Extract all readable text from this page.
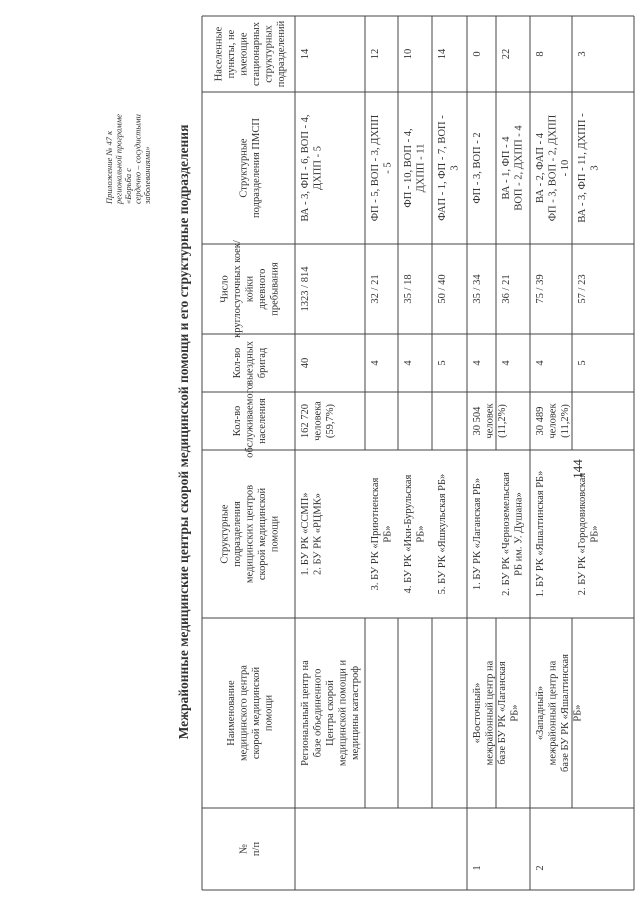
Приложение № 47 к региональной программе «Борьба с сердечно – сосудистыми заболеваниями» Межрайонные медицинские центры скорой медицинской помощи и его структурные подразделения	144
№ п/п
Наименование медицинского центра скорой медицинской помощи
Структурные подразделения медицинских центров скорой медицинской помощи
Кол-во обслуживаемого населения
Кол-во выездных бригад
Число круглосуточных коек/ койки дневного пребывания
Структурные подразделения ПМСП
Населенные пункты, не имеющие стационарных структурных подразделений
Региональный центр на базе объединенного Центра скорой медицинской помощи и медицины катастроф
162 720 человека (59,7%)
1
«Восточный» межрайонный центр на базе БУ РК «Лаганская РБ»
30 504 человек (11,2%)
2
«Западный» межрайонный центр на базе БУ РК «Яшалтинская РБ»
30 489 человек (11,2%)
1. БУ РК «ССМП» 2. БУ РК «РЦМК»
40
1323 / 814
ВА - 3, ФП - 6, ВОП - 4, ДХПП - 5
14
3. БУ РК «Приютненская РБ»
4
32 / 21
ФП - 5, ВОП - 3, ДХПП - 5
12
4. БУ РК «Ики-Бурульская РБ»
4
35 / 18
ФП - 10, ВОП - 4, ДХПП - 11
10
5. БУ РК «Яшкульская РБ»
5
50 / 40
ФАП - 1, ФП - 7, ВОП - 3
14
1. БУ РК «Лаганская РБ»
4
35 / 34
ФП - 3, ВОП - 2
0
2. БУ РК «Черноземельская РБ им. У. Душана»
4
36 / 21
ВА - 1, ФП - 4 ВОП - 2, ДХПП - 4
22
1. БУ РК «Яшалтинская РБ»
4
75 / 39
ВА - 2, ФАП - 4 ФП - 3, ВОП - 2, ДХПП - 10
8
2. БУ РК «Городовиковская РБ»
5
57 / 23
ВА - 3, ФП - 11, ДХПП - 3
3
